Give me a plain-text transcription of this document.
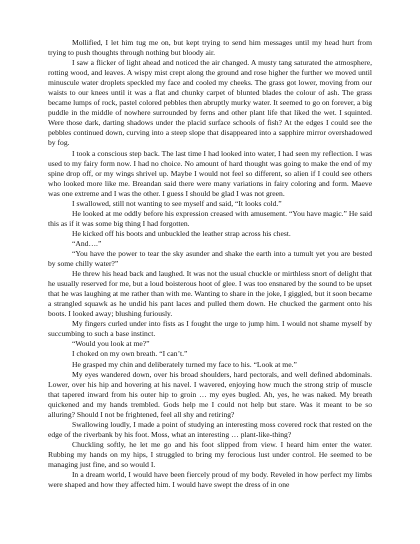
Mollified, I let him tug me on, but kept trying to send him messages until my head hurt from trying to push thoughts through nothing but bloody air.

I saw a flicker of light ahead and noticed the air changed. A musty tang saturated the atmosphere, rotting wood, and leaves. A wispy mist crept along the ground and rose higher the further we moved until minuscule water droplets speckled my face and cooled my cheeks. The grass got lower, moving from our waists to our knees until it was a flat and chunky carpet of blunted blades the colour of ash. The grass became lumps of rock, pastel colored pebbles then abruptly murky water. It seemed to go on forever, a big puddle in the middle of nowhere surrounded by ferns and other plant life that liked the wet. I squinted. Were those dark, darting shadows under the placid surface schools of fish? At the edges I could see the pebbles continued down, curving into a steep slope that disappeared into a sapphire mirror overshadowed by fog.

I took a conscious step back. The last time I had looked into water, I had seen my reflection. I was used to my fairy form now. I had no choice. No amount of hard thought was going to make the end of my spine drop off, or my wings shrivel up. Maybe I would not feel so different, so alien if I could see others who looked more like me. Breandan said there were many variations in fairy coloring and form. Maeve was one extreme and I was the other. I guess I should be glad I was not green.

I swallowed, still not wanting to see myself and said, “It looks cold.”

He looked at me oddly before his expression creased with amusement. “You have magic.” He said this as if it was some big thing I had forgotten.

He kicked off his boots and unbuckled the leather strap across his chest.

“And….”

“You have the power to tear the sky asunder and shake the earth into a tumult yet you are bested by some chilly water?”

He threw his head back and laughed. It was not the usual chuckle or mirthless snort of delight that he usually reserved for me, but a loud boisterous hoot of glee. I was too ensnared by the sound to be upset that he was laughing at me rather than with me. Wanting to share in the joke, I giggled, but it soon became a strangled squawk as he undid his pant laces and pulled them down. He chucked the garment onto his boots. I looked away; blushing furiously.

My fingers curled under into fists as I fought the urge to jump him. I would not shame myself by succumbing to such a base instinct.

“Would you look at me?”

I choked on my own breath. “I can’t.”

He grasped my chin and deliberately turned my face to his. “Look at me.”

My eyes wandered down, over his broad shoulders, hard pectorals, and well defined abdominals. Lower, over his hip and hovering at his navel. I wavered, enjoying how much the strong strip of muscle that tapered inward from his outer hip to groin … my eyes bugled. Ah, yes, he was naked. My breath quickened and my hands trembled. Gods help me I could not help but stare. Was it meant to be so alluring? Should I not be frightened, feel all shy and retiring?

Swallowing loudly, I made a point of studying an interesting moss covered rock that rested on the edge of the riverbank by his foot. Moss, what an interesting … plant-like-thing?

Chuckling softly, he let me go and his foot slipped from view. I heard him enter the water. Rubbing my hands on my hips, I struggled to bring my ferocious lust under control. He seemed to be managing just fine, and so would I.

In a dream world, I would have been fiercely proud of my body. Reveled in how perfect my limbs were shaped and how they affected him. I would have swept the dress of in one
